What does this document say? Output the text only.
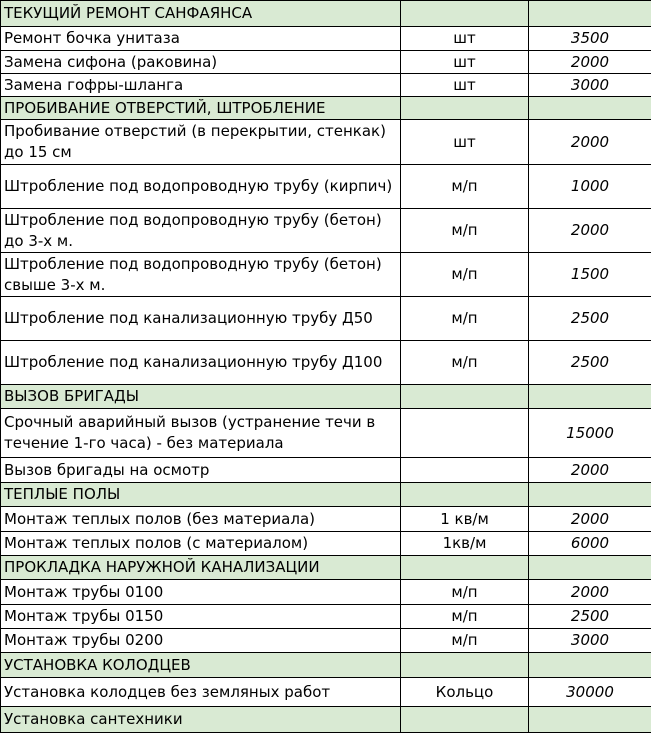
ТЕКУЩИЙ РЕМОНТ САНФАЯНСА		
Ремонт бочка унитаза	шт	3500
Замена сифона (раковина)	шт	2000
Замена гофры-шланга	шт	3000
ПРОБИВАНИЕ ОТВЕРСТИЙ, ШТРОБЛЕНИЕ		
Пробивание отверстий (в перекрытии, стенкак) до 15 см	шт	2000
Штробление под водопроводную трубу (кирпич)	м/п	1000
Штробление под водопроводную трубу (бетон) до 3-х м.	м/п	2000
Штробление под водопроводную трубу (бетон) свыше 3-х м.	м/п	1500
Штробление под канализационную трубу Д50	м/п	2500
Штробление под канализационную трубу Д100	м/п	2500
ВЫЗОВ БРИГАДЫ		
Срочный аварийный вызов (устранение течи в течение 1-го часа) - без материала		15000
Вызов бригады на осмотр		2000
ТЕПЛЫЕ ПОЛЫ		
Монтаж теплых полов (без материала)	1 кв/м	2000
Монтаж теплых полов (с материалом)	1кв/м	6000
ПРОКЛАДКА НАРУЖНОЙ КАНАЛИЗАЦИИ		
Монтаж трубы 0100	м/п	2000
Монтаж трубы 0150	м/п	2500
Монтаж трубы 0200	м/п	3000
УСТАНОВКА КОЛОДЦЕВ		
Установка колодцев без земляных работ	Кольцо	30000
Установка сантехники		
